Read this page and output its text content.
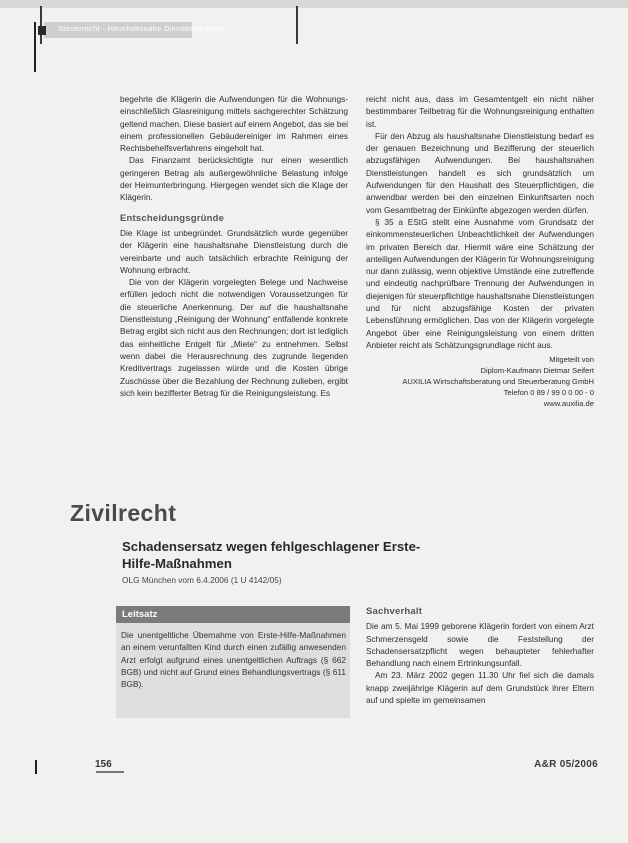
Steuerrecht · Haushaltsnahe Dienstleistungen

begehrte die Klägerin die Aufwendungen für die Wohnungs- einschließlich Glasreinigung mittels sachgerechter Schätzung geltend machen. Diese basiert auf einem Angebot, das sie bei einem professionellen Gebäudereiniger im Rahmen eines Rechtsbehelfsverfahrens eingeholt hat.

Das Finanzamt berücksichtigte nur einen wesentlich geringeren Betrag als außergewöhnliche Belastung infolge der Heimunterbringung. Hiergegen wendet sich die Klage der Klägerin.

Entscheidungsgründe

Die Klage ist unbegründet. Grundsätzlich wurde gegenüber der Klägerin eine haushaltsnahe Dienstleistung durch die vereinbarte und auch tatsächlich erbrachte Reinigung der Wohnung erbracht.

Die von der Klägerin vorgelegten Belege und Nachweise erfüllen jedoch nicht die notwendigen Voraussetzungen für die steuerliche Anerkennung. Der auf die haushaltsnahe Dienstleistung „Reinigung der Wohnung“ entfallende konkrete Betrag ergibt sich nicht aus den Rechnungen; dort ist lediglich das einheitliche Entgelt für „Miete“ zu entnehmen. Selbst wenn dabei die Herausrechnung des zugrunde liegenden Kreditvertrags zugelassen würde und die Kosten übrige Zuschüsse über die Bezahlung der Rechnung zulieben, ergibt sich kein bezifferter Betrag für die Reinigungsleistung. Es

reicht nicht aus, dass im Gesamtentgelt ein nicht näher bestimmbarer Teilbetrag für die Wohnungsreinigung enthalten ist.

Für den Abzug als haushaltsnahe Dienstleistung bedarf es der genauen Bezeichnung und Bezifferung der steuerlich abzugsfähigen Aufwendungen. Bei haushaltsnahen Dienstleistungen handelt es sich grundsätzlich um Aufwendungen für den Haushalt des Steuerpflichtigen, die anwendbar werden bei den einzelnen Einkunftsarten noch vom Gesamtbetrag der Einkünfte abgezogen werden dürfen.

§ 35 a EStG stellt eine Ausnahme vom Grundsatz der einkommensteuerlichen Unbeachtlichkeit der Aufwendungen im privaten Bereich dar. Hiermit wäre eine Schätzung der anteiligen Aufwendungen der Klägerin für Wohnungsreinigung nur dann zulässig, wenn objektive Umstände eine zutreffende und eindeutig nachprüfbare Trennung der Aufwendungen in diejenigen für steuerpflichtige haushaltsnahe Dienstleistungen und für nicht abzugsfähige Kosten der privaten Lebensführung ermöglichen. Das von der Klägerin vorgelegte Angebot über eine Reinigungsleistung von einem dritten Anbieter reicht als Schätzungsgrundlage nicht aus.

Mitgeteilt von
Diplom-Kaufmann Dietmar Seifert
AUXILIA Wirtschaftsberatung und Steuerberatung GmbH
Telefon 0 89 / 99 0 0 00 - 0
www.auxilia.de

Zivilrecht
Schadensersatz wegen fehlgeschlagener Erste-Hilfe-Maßnahmen
OLG München vom 6.4.2006 (1 U 4142/05)
Leitsatz
Die unentgeltliche Übernahme von Erste-Hilfe-Maßnahmen an einem verunfallten Kind durch einen zufällig anwesenden Arzt erfolgt aufgrund eines unentgeltlichen Auftrags (§ 662 BGB) und nicht auf Grund eines Behandlungsvertrags (§ 611 BGB).

Sachverhalt

Die am 5. Mai 1999 geborene Klägerin fordert von einem Arzt Schmerzensgeld sowie die Feststellung der Schadensersatzpflicht wegen behaupteter fehlerhafter Behandlung nach einem Ertrinkungsunfall.

Am 23. März 2002 gegen 11.30 Uhr fiel sich die damals knapp zweijährige Klägerin auf dem Grundstück ihrer Eltern auf und spielte im gemeinsamen

156	A&R 05/2006
